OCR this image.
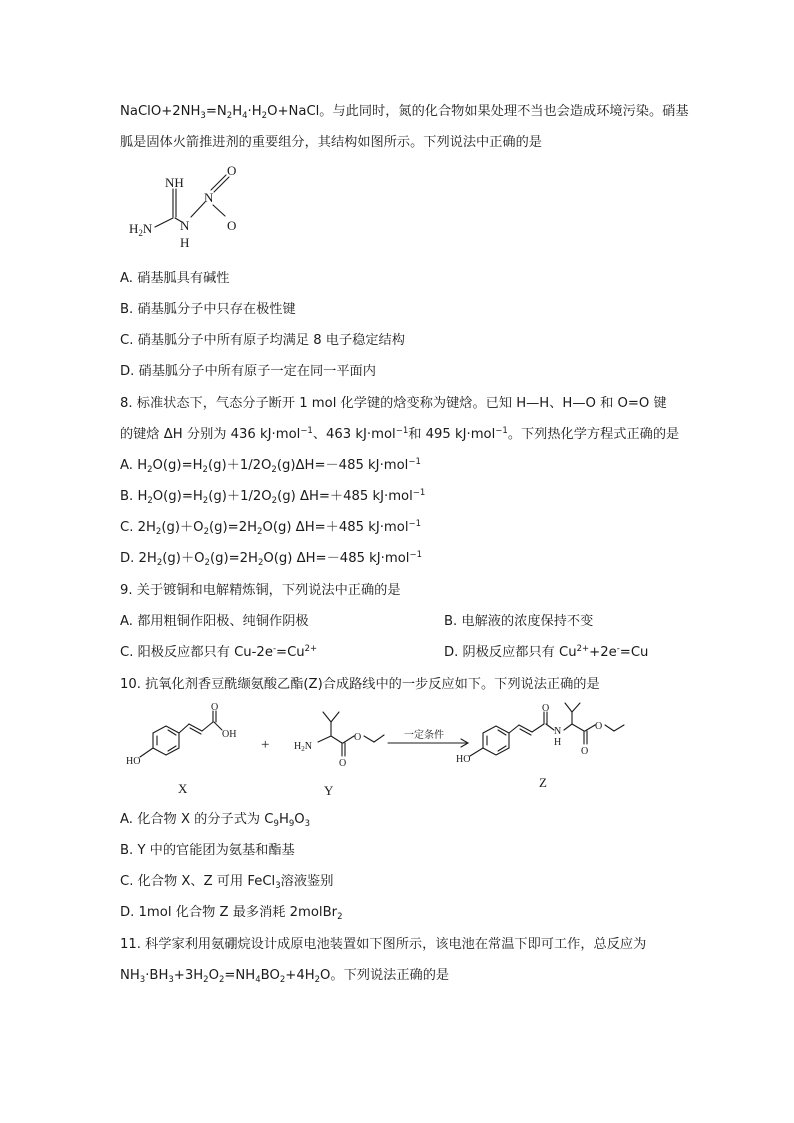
$NaClO+2NH_3=N_2H_4\cdot H_2O+NaCl$。与此同时，氮的化合物如果处理不当也会造成环境污染。硝基
胍是固体火箭推进剂的重要组分，其结构如图所示。下列说法中正确的是
NH
$H_2N$ N
H
N
O
O
A. 硝基胍具有碱性
B. 硝基胍分子中只存在极性键
C. 硝基胍分子中所有原子均满足 8 电子稳定结构
D. 硝基胍分子中所有原子一定在同一平面内
8. 标准状态下，气态分子断开 1 mol 化学键的焓变称为键焓。已知 H—H、H—O 和 O=O 键
的键焓 ΔH 分别为 436 kJ·mol$^{-1}$、463 kJ·mol$^{-1}$和 495 kJ·mol$^{-1}$。下列热化学方程式正确的是
A. $H_2O(g)=H_2(g)+1/2O_2(g)\Delta H=-485$ kJ·mol$^{-1}$
B. $H_2O(g)=H_2(g)+1/2O_2(g)$ ΔH=＋485 kJ·mol$^{-1}$
C. $2H_2(g)+O_2(g)=2H_2O(g)$ ΔH=＋485 kJ·mol$^{-1}$
D. $2H_2(g)+O_2(g)=2H_2O(g)$ ΔH=－485 kJ·mol$^{-1}$
9. 关于镀铜和电解精炼铜，下列说法中正确的是
A. 都用粗铜作阳极、纯铜作阴极	B. 电解液的浓度保持不变
C. 阳极反应都只有 $Cu-2e^-=Cu^{2+}$	D. 阴极反应都只有 $Cu^{2+}+2e^-=Cu$
10. 抗氧化剂香豆酰缬氨酸乙酯(Z)合成路线中的一步反应如下。下列说法正确的是
HO
OH
O
X
+ $H_2N$
O
O
Y
一定条件
HO
O
N
H
O
O
Z
A. 化合物 X 的分子式为 $C_9H_9O_3$
B. Y 中的官能团为氨基和酯基
C. 化合物 X、Z 可用 FeCl$_3$溶液鉴别
D. 1mol 化合物 Z 最多消耗 2molBr$_2$
11. 科学家利用氨硼烷设计成原电池装置如下图所示，该电池在常温下即可工作，总反应为
$NH_3\cdot BH_3+3H_2O_2=NH_4BO_2+4H_2O$。下列说法正确的是
